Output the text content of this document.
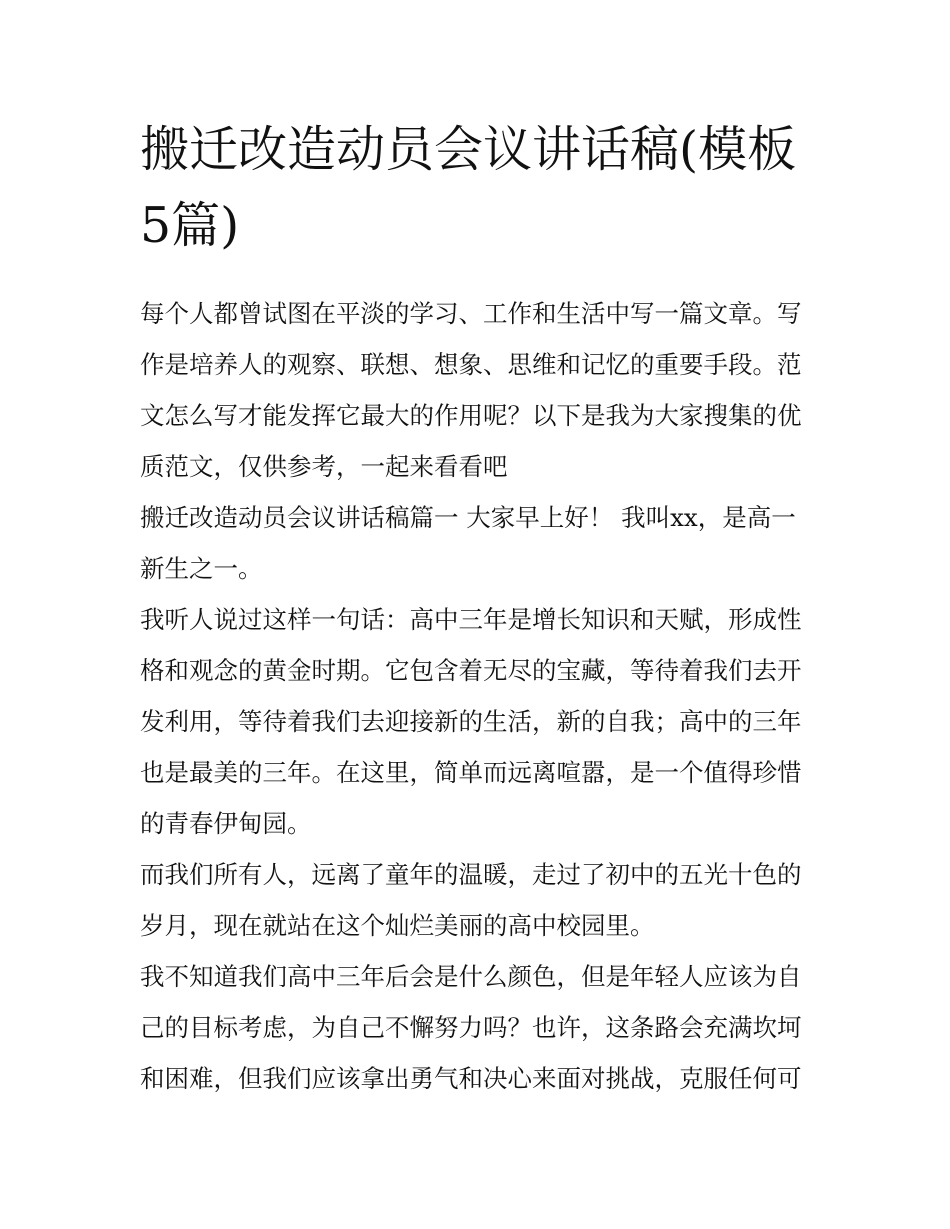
搬迁改造动员会议讲话稿(模板 5篇)

每个人都曾试图在平淡的学习、工作和生活中写一篇文章。写作是培养人的观察、联想、想象、思维和记忆的重要手段。范文怎么写才能发挥它最大的作用呢？以下是我为大家搜集的优质范文，仅供参考，一起来看看吧

搬迁改造动员会议讲话稿篇一 大家早上好！ 我叫xx，是高一新生之一。

我听人说过这样一句话：高中三年是增长知识和天赋，形成性格和观念的黄金时期。它包含着无尽的宝藏，等待着我们去开发利用，等待着我们去迎接新的生活，新的自我；高中的三年也是最美的三年。在这里，简单而远离喧嚣，是一个值得珍惜的青春伊甸园。

而我们所有人，远离了童年的温暖，走过了初中的五光十色的岁月，现在就站在这个灿烂美丽的高中校园里。

我不知道我们高中三年后会是什么颜色，但是年轻人应该为自己的目标考虑，为自己不懈努力吗？也许，这条路会充满坎坷和困难，但我们应该拿出勇气和决心来面对挑战，克服任何可
